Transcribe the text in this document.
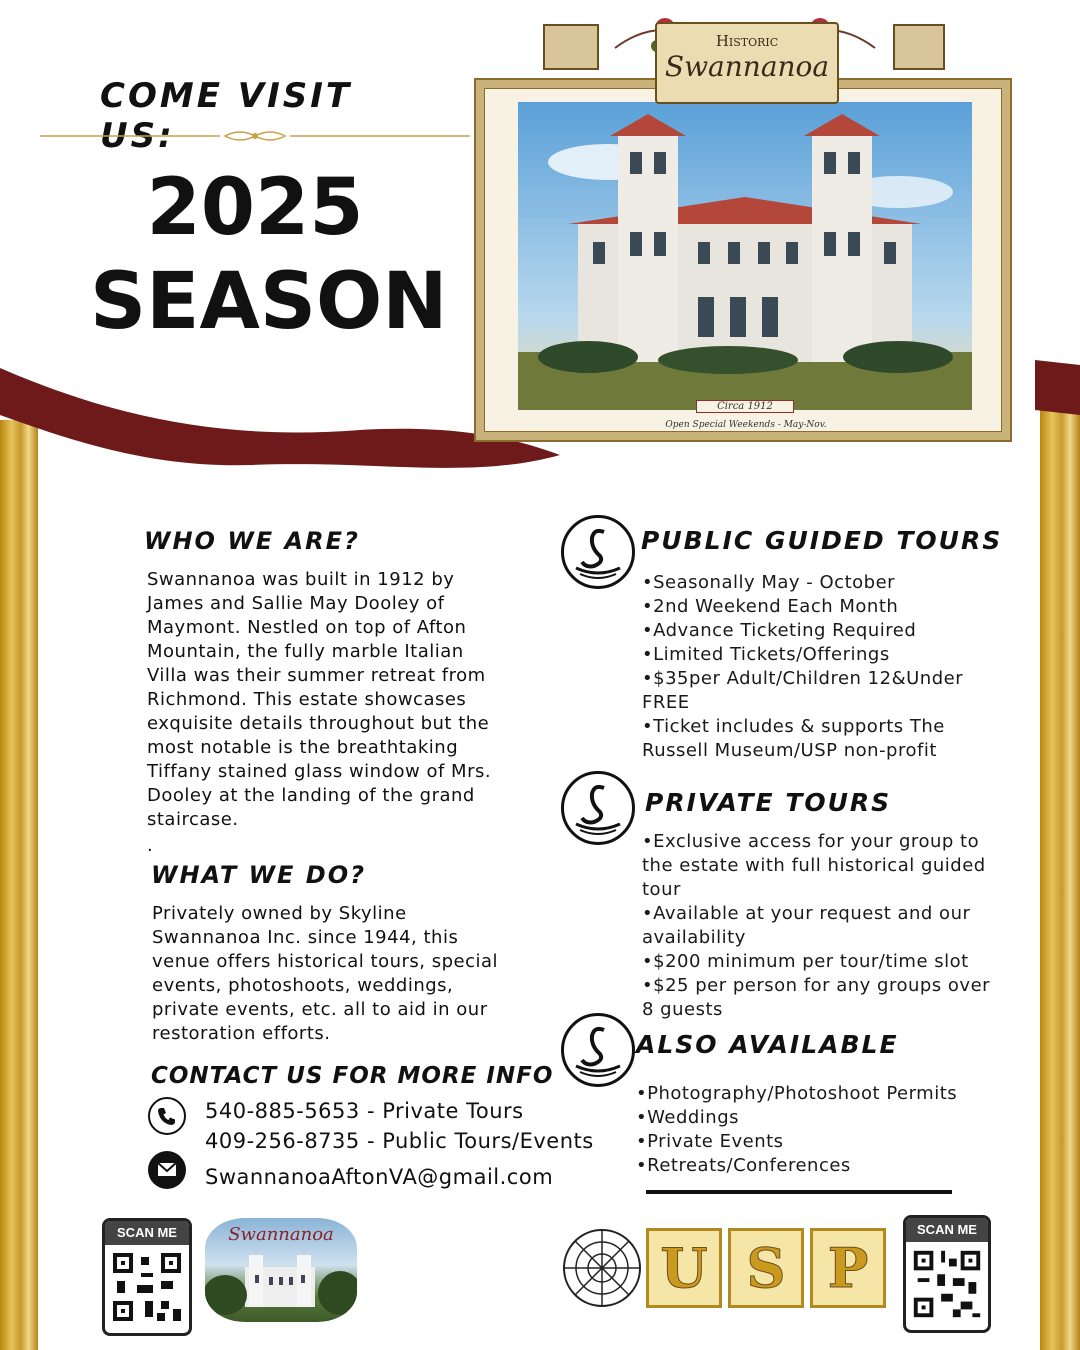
COME VISIT US:
2025
SEASON
Circa 1912
Open Special Weekends - May-Nov.
Historic
Swannanoa
WHO WE ARE?
Swannanoa was built in 1912 by James and Sallie May Dooley of Maymont. Nestled on top of Afton Mountain, the fully marble Italian Villa was their summer retreat from Richmond. This estate showcases exquisite details throughout but the most notable is the breathtaking Tiffany stained glass window of Mrs. Dooley at the landing of the grand staircase.
.
WHAT WE DO?
Privately owned by Skyline Swannanoa Inc. since 1944, this venue offers historical tours, special events, photoshoots, weddings, private events, etc. all to aid in our restoration efforts.
CONTACT US FOR MORE INFO
540-885-5653 - Private Tours
409-256-8735 - Public Tours/Events
SwannanoaAftonVA@gmail.com
PUBLIC GUIDED TOURS
• Seasonally May - October
• 2nd Weekend Each Month
• Advance Ticketing Required
• Limited Tickets/Offerings
• $35per Adult/Children 12&Under FREE
• Ticket includes & supports The Russell Museum/USP non-profit
PRIVATE TOURS
• Exclusive access for your group to the estate with full historical guided tour
• Available at your request and our availability
• $200 minimum per tour/time slot
• $25 per person for any groups over 8 guests
ALSO AVAILABLE
• Photography/Photoshoot Permits
• Weddings
• Private Events
• Retreats/Conferences
SCAN ME	Swannanoa
U S P
SCAN ME
